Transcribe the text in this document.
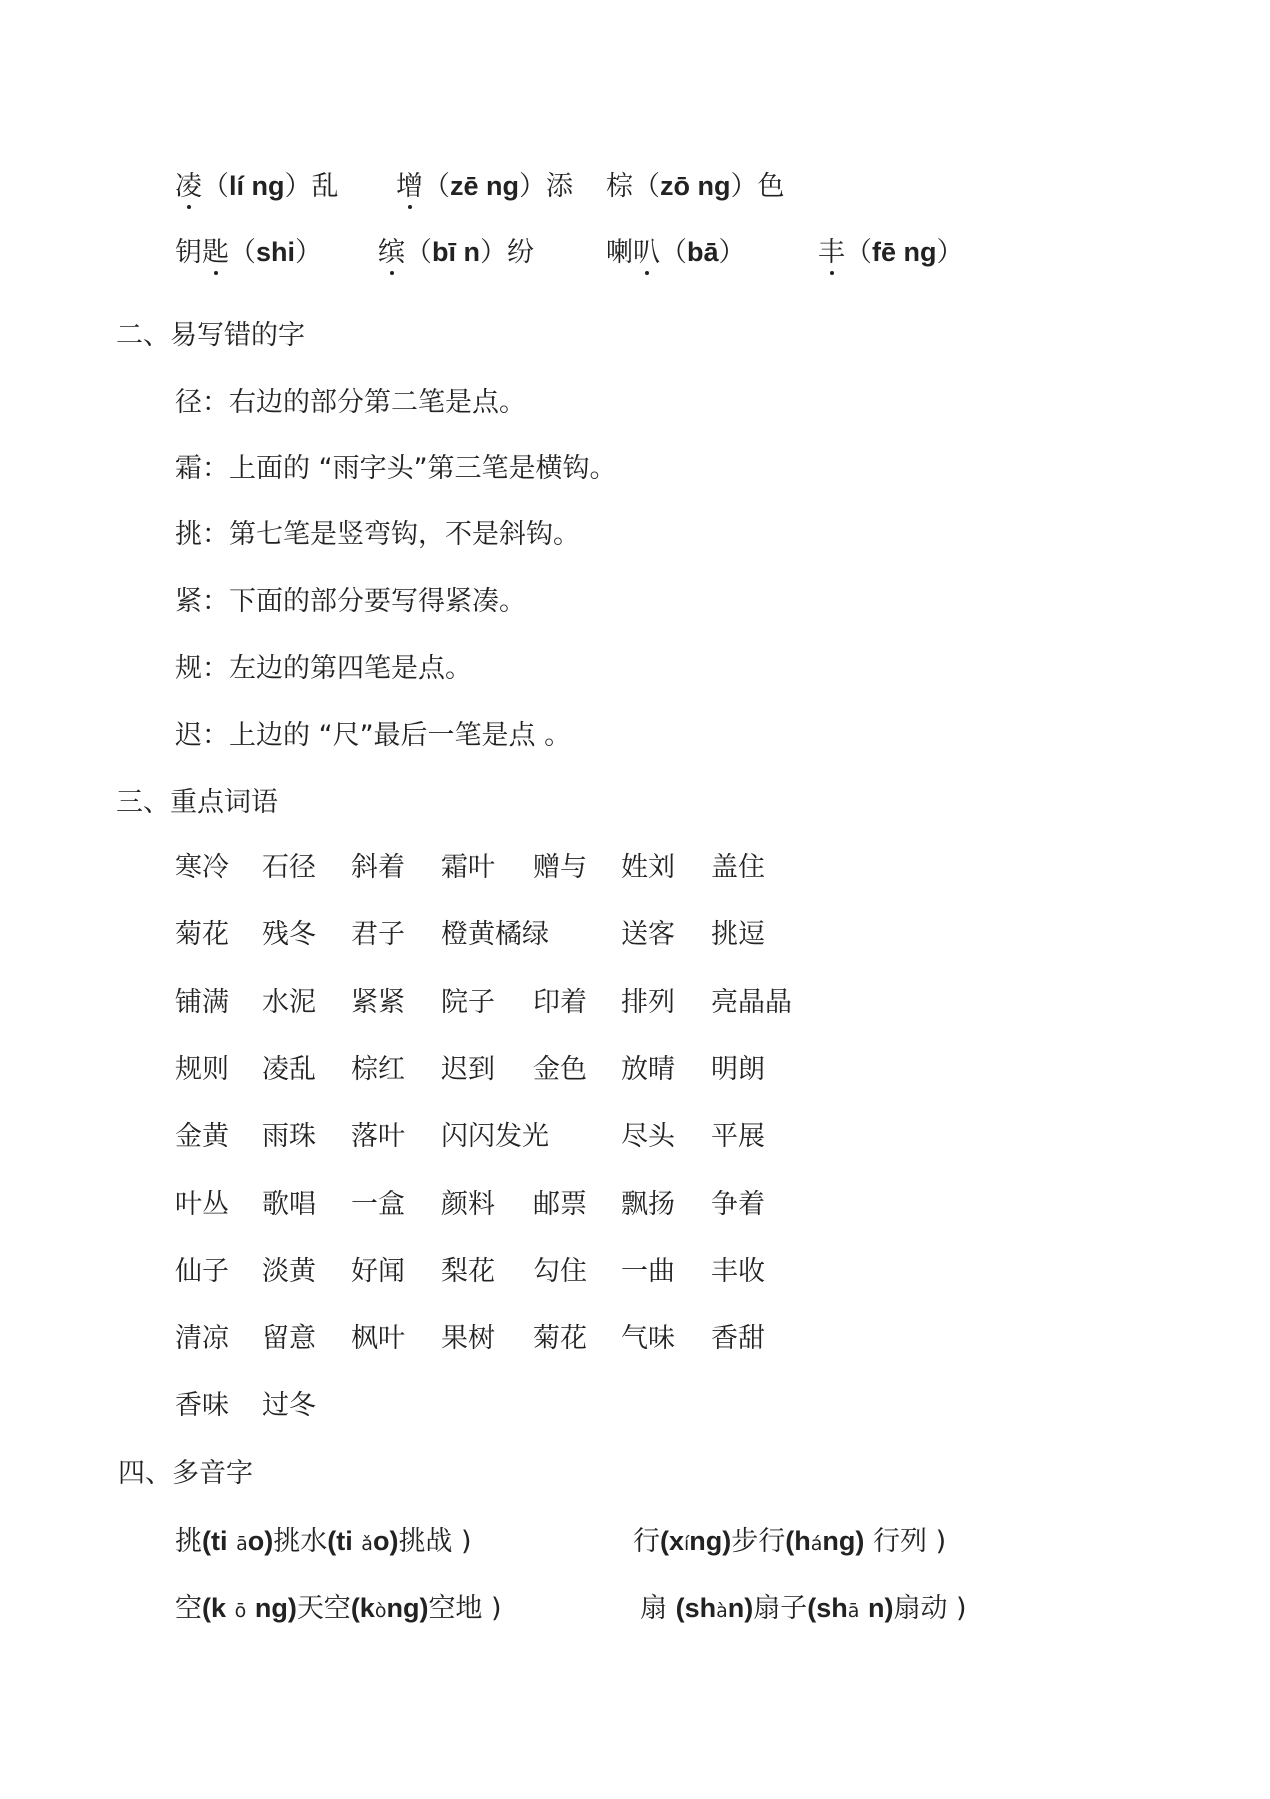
凌（lí ng）乱 增（zē ng）添 棕（zō ng）色
钥匙（shi） 缤（bī n）纷	喇叭（bā）	丰（fē ng）
二、易写错的字
径：右边的部分第二笔是点。
霜：上面的 “雨字头”第三笔是横钩。
挑：第七笔是竖弯钩，不是斜钩。
紧：下面的部分要写得紧凑。
规：左边的第四笔是点。
迟：上边的 “尺”最后一笔是点 。
三、重点词语
寒冷 石径 斜着 霜叶 赠与 姓刘 盖住
菊花 残冬 君子 橙黄橘绿	送客 挑逗
铺满 水泥 紧紧 院子 印着 排列 亮晶晶
规则 凌乱 棕红 迟到 金色 放晴 明朗
金黄 雨珠 落叶 闪闪发光	尽头 平展
叶丛 歌唱 一盒 颜料 邮票 飘扬 争着
仙子 淡黄 好闻 梨花 勾住 一曲 丰收
清凉 留意 枫叶 果树 菊花 气味 香甜
香味 过冬
四、多音字
挑(ti āo)挑水(ti ǎo)挑战 )	行(xíng)步行(háng) 行列 )
空(k ō ng)天空(kòng)空地 )	扇 (shàn)扇子(shā n)扇动 )
